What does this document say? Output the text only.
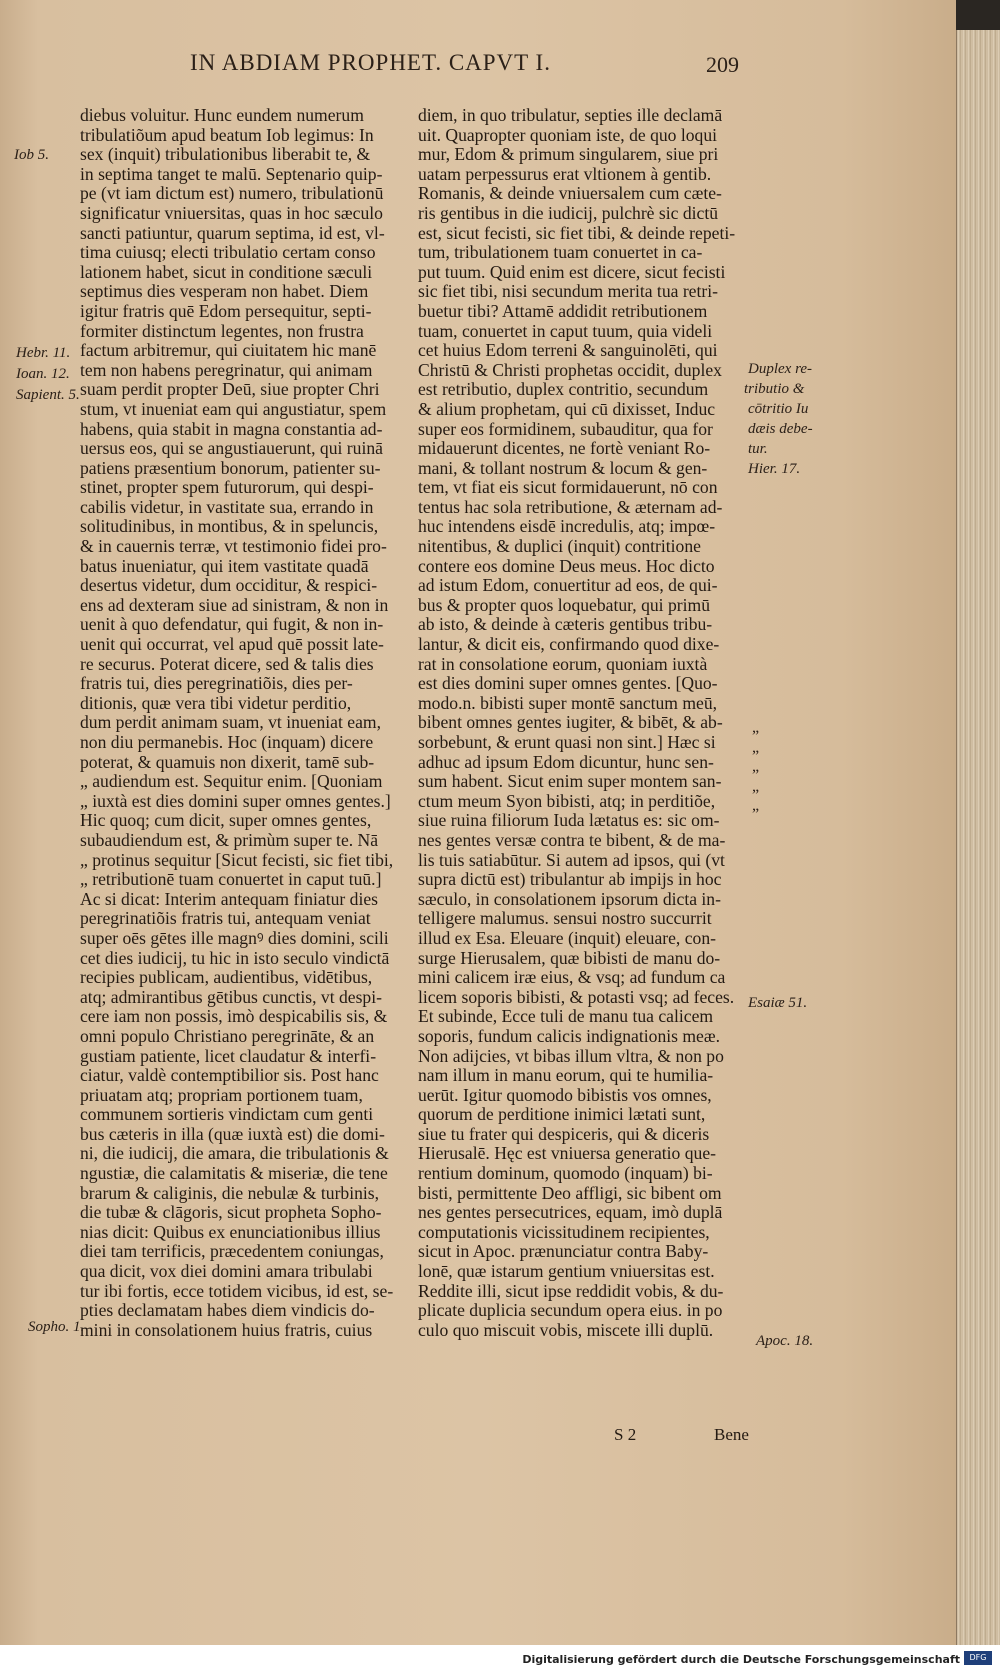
IN ABDIAM PROPHET. CAPVT I.	209
diebus voluitur. Hunc eundem numerum
tribulatiõum apud beatum Iob legimus: In
sex (inquit) tribulationibus liberabit te, &
in septima tanget te malū. Septenario quip-
pe (vt iam dictum est) numero, tribulationū
significatur vniuersitas, quas in hoc sæculo
sancti patiuntur, quarum septima, id est, vl-
tima cuiusq; electi tribulatio certam conso
lationem habet, sicut in conditione sæculi
septimus dies vesperam non habet. Diem
igitur fratris quē Edom persequitur, septi-
formiter distinctum legentes, non frustra
factum arbitremur, qui ciuitatem hic manē
tem non habens peregrinatur, qui animam
suam perdit propter Deū, siue propter Chri
stum, vt inueniat eam qui angustiatur, spem
habens, quia stabit in magna constantia ad-
uersus eos, qui se angustiauerunt, qui ruinā
patiens præsentium bonorum, patienter su-
stinet, propter spem futurorum, qui despi-
cabilis videtur, in vastitate sua, errando in
solitudinibus, in montibus, & in speluncis,
& in cauernis terræ, vt testimonio fidei pro-
batus inueniatur, qui item vastitate quadā
desertus videtur, dum occiditur, & respici-
ens ad dexteram siue ad sinistram, & non in
uenit à quo defendatur, qui fugit, & non in-
uenit qui occurrat, vel apud quē possit late-
re securus. Poterat dicere, sed & talis dies
fratris tui, dies peregrinatiõis, dies per-
ditionis, quæ vera tibi videtur perditio,
dum perdit animam suam, vt inueniat eam,
non diu permanebis. Hoc (inquam) dicere
poterat, & quamuis non dixerit, tamē sub-
„ audiendum est. Sequitur enim. [Quoniam
„ iuxtà est dies domini super omnes gentes.]
Hic quoq; cum dicit, super omnes gentes,
subaudiendum est, & primùm super te. Nā
„ protinus sequitur [Sicut fecisti, sic fiet tibi,
„ retributionē tuam conuertet in caput tuū.]
Ac si dicat: Interim antequam finiatur dies
peregrinatiõis fratris tui, antequam veniat
super oēs gētes ille magnꝰ dies domini, scili
cet dies iudicij, tu hic in isto seculo vindictā
recipies publicam, audientibus, vidētibus,
atq; admirantibus gētibus cunctis, vt despi-
cere iam non possis, imò despicabilis sis, &
omni populo Christiano peregrināte, & an
gustiam patiente, licet claudatur & interfi-
ciatur, valdè contemptibilior sis. Post hanc
priuatam atq; propriam portionem tuam,
communem sortieris vindictam cum genti
bus cæteris in illa (quæ iuxtà est) die domi-
ni, die iudicij, die amara, die tribulationis &
ngustiæ, die calamitatis & miseriæ, die tene
brarum & caliginis, die nebulæ & turbinis,
die tubæ & clāgoris, sicut propheta Sopho-
nias dicit: Quibus ex enunciationibus illius
diei tam terrificis, præcedentem coniungas,
qua dicit, vox diei domini amara tribulabi
tur ibi fortis, ecce totidem vicibus, id est, se-
pties declamatam habes diem vindicis do-
mini in consolationem huius fratris, cuius
diem, in quo tribulatur, septies ille declamā
uit. Quapropter quoniam iste, de quo loqui
mur, Edom & primum singularem, siue pri
uatam perpessurus erat vltionem à gentib.
Romanis, & deinde vniuersalem cum cæte-
ris gentibus in die iudicij, pulchrè sic dictū
est, sicut fecisti, sic fiet tibi, & deinde repeti-
tum, tribulationem tuam conuertet in ca-
put tuum. Quid enim est dicere, sicut fecisti
sic fiet tibi, nisi secundum merita tua retri-
buetur tibi? Attamē addidit retributionem
tuam, conuertet in caput tuum, quia videli
cet huius Edom terreni & sanguinolēti, qui
Christū & Christi prophetas occidit, duplex
est retributio, duplex contritio, secundum
& alium prophetam, qui cū dixisset, Induc
super eos formidinem, subauditur, qua for
midauerunt dicentes, ne fortè veniant Ro-
mani, & tollant nostrum & locum & gen-
tem, vt fiat eis sicut formidauerunt, nō con
tentus hac sola retributione, & æternam ad-
huc intendens eisdē incredulis, atq; impœ-
nitentibus, & duplici (inquit) contritione
contere eos domine Deus meus. Hoc dicto
ad istum Edom, conuertitur ad eos, de qui-
bus & propter quos loquebatur, qui primū
ab isto, & deinde à cæteris gentibus tribu-
lantur, & dicit eis, confirmando quod dixe-
rat in consolatione eorum, quoniam iuxtà
est dies domini super omnes gentes. [Quo-
modo.n. bibisti super montē sanctum meū,
bibent omnes gentes iugiter, & bibēt, & ab-
sorbebunt, & erunt quasi non sint.] Hæc si
adhuc ad ipsum Edom dicuntur, hunc sen-
sum habent. Sicut enim super montem san-
ctum meum Syon bibisti, atq; in perditiõe,
siue ruina filiorum Iuda lætatus es: sic om-
nes gentes versæ contra te bibent, & de ma-
lis tuis satiabūtur. Si autem ad ipsos, qui (vt
supra dictū est) tribulantur ab impijs in hoc
sæculo, in consolationem ipsorum dicta in-
telligere malumus. sensui nostro succurrit
illud ex Esa. Eleuare (inquit) eleuare, con-
surge Hierusalem, quæ bibisti de manu do-
mini calicem iræ eius, & vsq; ad fundum ca
licem soporis bibisti, & potasti vsq; ad feces.
Et subinde, Ecce tuli de manu tua calicem
soporis, fundum calicis indignationis meæ.
Non adijcies, vt bibas illum vltra, & non po
nam illum in manu eorum, qui te humilia-
uerūt. Igitur quomodo bibistis vos omnes,
quorum de perditione inimici lætati sunt,
siue tu frater qui despiceris, qui & diceris
Hierusalē. Hęc est vniuersa generatio que-
rentium dominum, quomodo (inquam) bi-
bisti, permittente Deo affligi, sic bibent om
nes gentes persecutrices, equam, imò duplā
computationis vicissitudinem recipientes,
sicut in Apoc. prænunciatur contra Baby-
lonē, quæ istarum gentium vniuersitas est.
Reddite illi, sicut ipse reddidit vobis, & du-
plicate duplicia secundum opera eius. in po
culo quo miscuit vobis, miscete illi duplū.
Iob 5.
Hebr. 11.
Ioan. 12.
Sapient. 5.
Sopho. 1.
Duplex re-
tributio &
cōtritio Iu
dæis debe-
tur.
Hier. 17.
Esaiæ 51.
Apoc. 18.
„ „ „ „ „
S 2	Bene
Digitalisierung gefördert durch die Deutsche Forschungsgemeinschaft	DFG
